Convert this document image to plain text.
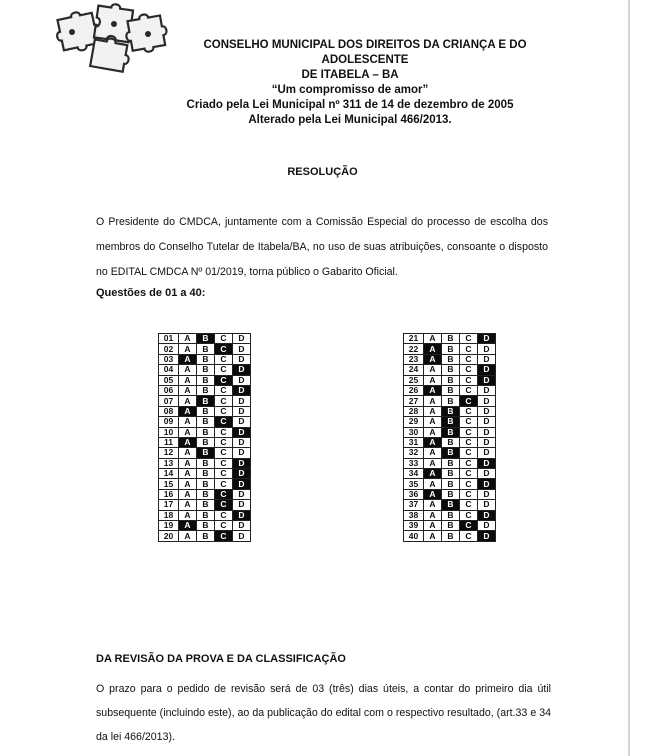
CONSELHO MUNICIPAL DOS DIREITOS DA CRIANÇA E DO ADOLESCENTE
DE ITABELA – BA
“Um compromisso de amor”
Criado pela Lei Municipal nº 311 de 14 de dezembro de 2005
Alterado pela Lei Municipal 466/2013.
RESOLUÇÃO
O Presidente do CMDCA, juntamente com a Comissão Especial do processo de escolha dos membros do Conselho Tutelar de Itabela/BA, no uso de suas atribuições, consoante o disposto no EDITAL CMDCA Nº 01/2019, torna público o Gabarito Oficial.
Questões de 01 a 40:
01	A	B	C	D
02	A	B	C	D
03	A	B	C	D
04	A	B	C	D
05	A	B	C	D
06	A	B	C	D
07	A	B	C	D
08	A	B	C	D
09	A	B	C	D
10	A	B	C	D
11	A	B	C	D
12	A	B	C	D
13	A	B	C	D
14	A	B	C	D
15	A	B	C	D
16	A	B	C	D
17	A	B	C	D
18	A	B	C	D
19	A	B	C	D
20	A	B	C	D
21	A	B	C	D
22	A	B	C	D
23	A	B	C	D
24	A	B	C	D
25	A	B	C	D
26	A	B	C	D
27	A	B	C	D
28	A	B	C	D
29	A	B	C	D
30	A	B	C	D
31	A	B	C	D
32	A	B	C	D
33	A	B	C	D
34	A	B	C	D
35	A	B	C	D
36	A	B	C	D
37	A	B	C	D
38	A	B	C	D
39	A	B	C	D
40	A	B	C	D
DA REVISÃO DA PROVA E DA CLASSIFICAÇÃO
O prazo para o pedido de revisão será de 03 (três) dias úteis, a contar do primeiro dia útil subsequente (incluindo este), ao da publicação do edital com o respectivo resultado, (art.33 e 34 da lei 466/2013).
